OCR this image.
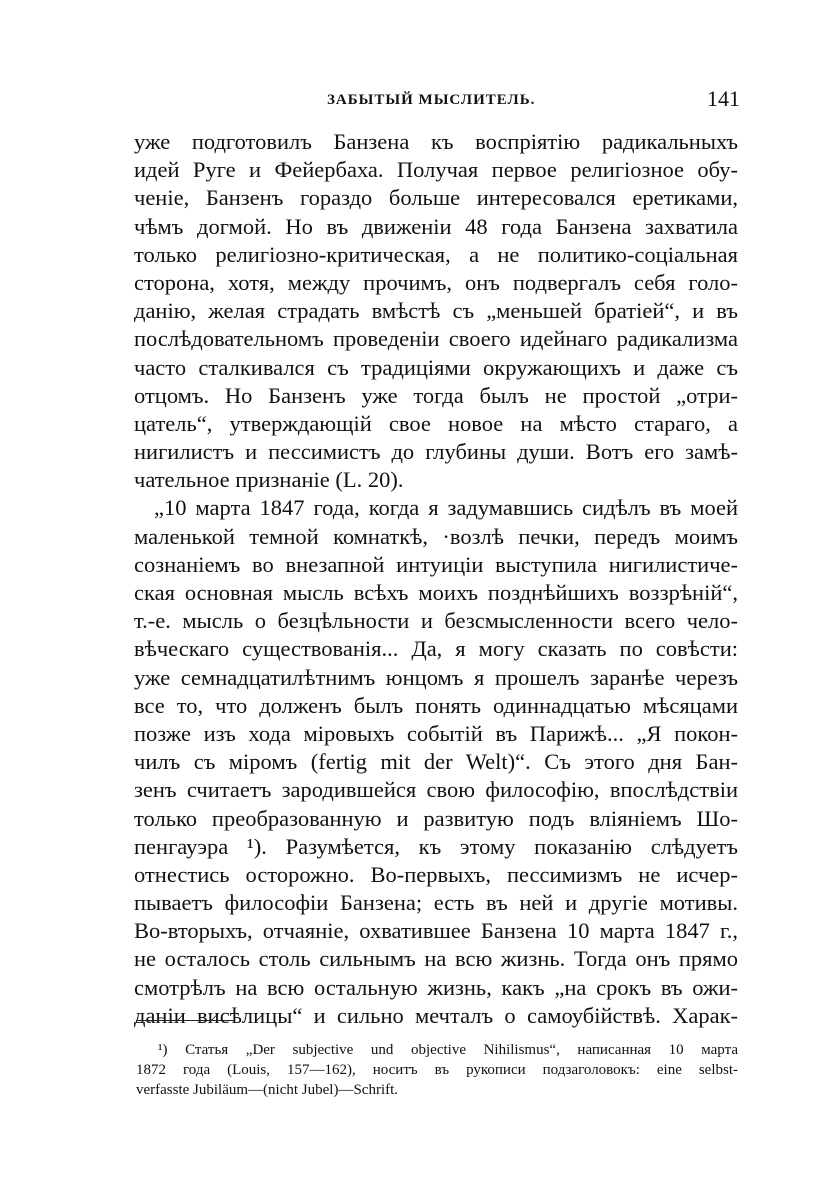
ЗАБЫТЫЙ МЫСЛИТЕЛЬ.	141
уже подготовилъ Банзена къ воспріятію радикальныхъ
идей Руге и Фейербаха. Получая первое религіозное обу-
ченіе, Банзенъ гораздо больше интересовался еретиками,
чѣмъ догмой. Но въ движеніи 48 года Банзена захватила
только религіозно-критическая, а не политико-соціальная
сторона, хотя, между прочимъ, онъ подвергалъ себя голо-
данію, желая страдать вмѣстѣ съ „меньшей братіей“, и въ
послѣдовательномъ проведеніи своего идейнаго радикализма
часто сталкивался съ традиціями окружающихъ и даже съ
отцомъ. Но Банзенъ уже тогда былъ не простой „отри-
цатель“, утверждающій свое новое на мѣсто стараго, а
нигилистъ и пессимистъ до глубины души. Вотъ его замѣ-
чательное признаніе (L. 20).
„10 марта 1847 года, когда я задумавшись сидѣлъ въ моей
маленькой темной комнаткѣ, ·возлѣ печки, передъ моимъ
сознаніемъ во внезапной интуиціи выступила нигилистиче-
ская основная мысль всѣхъ моихъ позднѣйшихъ воззрѣній“,
т.-е. мысль о безцѣльности и безсмысленности всего чело-
вѣческаго существованія... Да, я могу сказать по совѣсти:
уже семнадцатилѣтнимъ юнцомъ я прошелъ заранѣе черезъ
все то, что долженъ былъ понять одиннадцатью мѣсяцами
позже изъ хода міровыхъ событій въ Парижѣ... „Я покон-
чилъ съ міромъ (fertig mit der Welt)“. Съ этого дня Бан-
зенъ считаетъ зародившейся свою философію, впослѣдствіи
только преобразованную и развитую подъ вліяніемъ Шо-
пенгауэра ¹). Разумѣется, къ этому показанію слѣдуетъ
отнестись осторожно. Во-первыхъ, пессимизмъ не исчер-
пываетъ философіи Банзена; есть въ ней и другіе мотивы.
Во-вторыхъ, отчаяніе, охватившее Банзена 10 марта 1847 г.,
не осталось столь сильнымъ на всю жизнь. Тогда онъ прямо
смотрѣлъ на всю остальную жизнь, какъ „на срокъ въ ожи-
даніи висѣлицы“ и сильно мечталъ о самоубійствѣ. Харак-
¹) Статья „Der subjective und objective Nihilismus“, написанная 10 марта
1872 года (Louis, 157—162), носитъ въ рукописи подзаголовокъ: eine selbst-
verfasste Jubiläum—(nicht Jubel)—Schrift.
